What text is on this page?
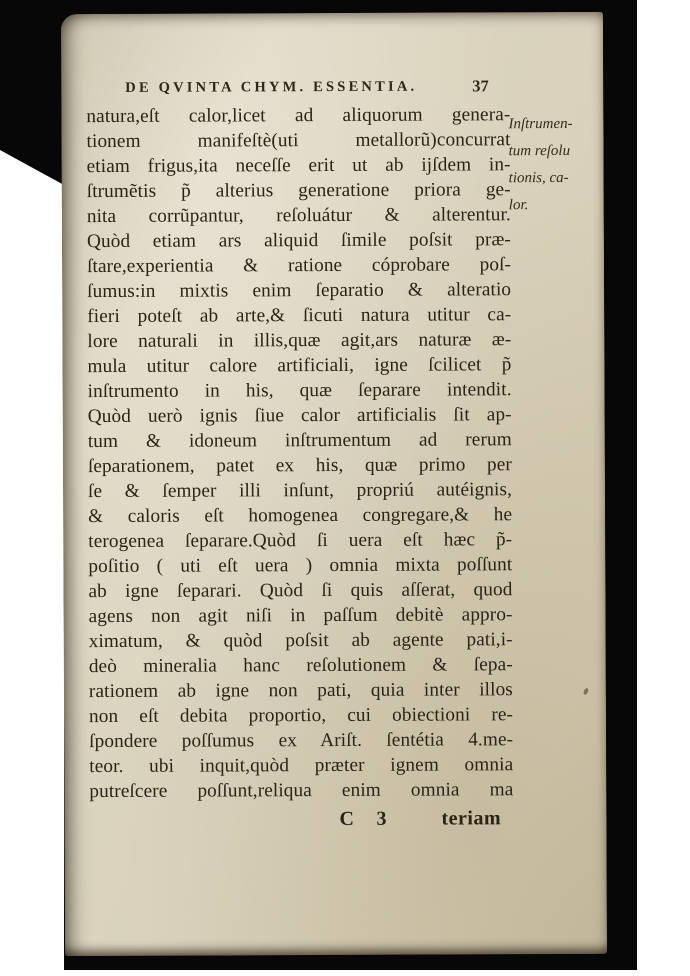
DE QVINTA CHYM. ESSENTIA.	37
natura,eſt calor,licet ad aliquorum genera-
tionem manifeſtè(uti metallorũ)concurrat
etiam frigus,ita neceſſe erit ut ab ijſdem in-
ſtrumẽtis p̃ alterius generatione priora ge-
nita corrũpantur, reſoluátur & alterentur.
Quòd etiam ars aliquid ſimile poſsit præ-
ſtare,experientia & ratione cóprobare poſ-
ſumus:in mixtis enim ſeparatio & alteratio
fieri poteſt ab arte,& ſicuti natura utitur ca-
lore naturali in illis,quæ agit,ars naturæ æ-
mula utitur calore artificiali, igne ſcilicet p̃
inſtrumento in his, quæ ſeparare intendit.
Quòd uerò ignis ſiue calor artificialis ſit ap-
tum & idoneum inſtrumentum ad rerum
ſeparationem, patet ex his, quæ primo per
ſe & ſemper illi inſunt, propriú autéignis,
& caloris eſt homogenea congregare,& he
terogenea ſeparare.Quòd ſi uera eſt hæc p̃-
poſitio ( uti eſt uera ) omnia mixta poſſunt
ab igne ſeparari. Quòd ſi quis aſſerat, quod
agens non agit niſi in paſſum debitè appro-
ximatum, & quòd poſsit ab agente pati,i-
deò mineralia hanc reſolutionem & ſepa-
rationem ab igne non pati, quia inter illos
non eſt debita proportio, cui obiectioni re-
ſpondere poſſumus ex Ariſt. ſentétia 4.me-
teor. ubi inquit,quòd præter ignem omnia
putreſcere poſſunt,reliqua enim omnia ma
Inſtrumen-
tum reſolu
tionis, ca-
lor.
C 3	teriam
